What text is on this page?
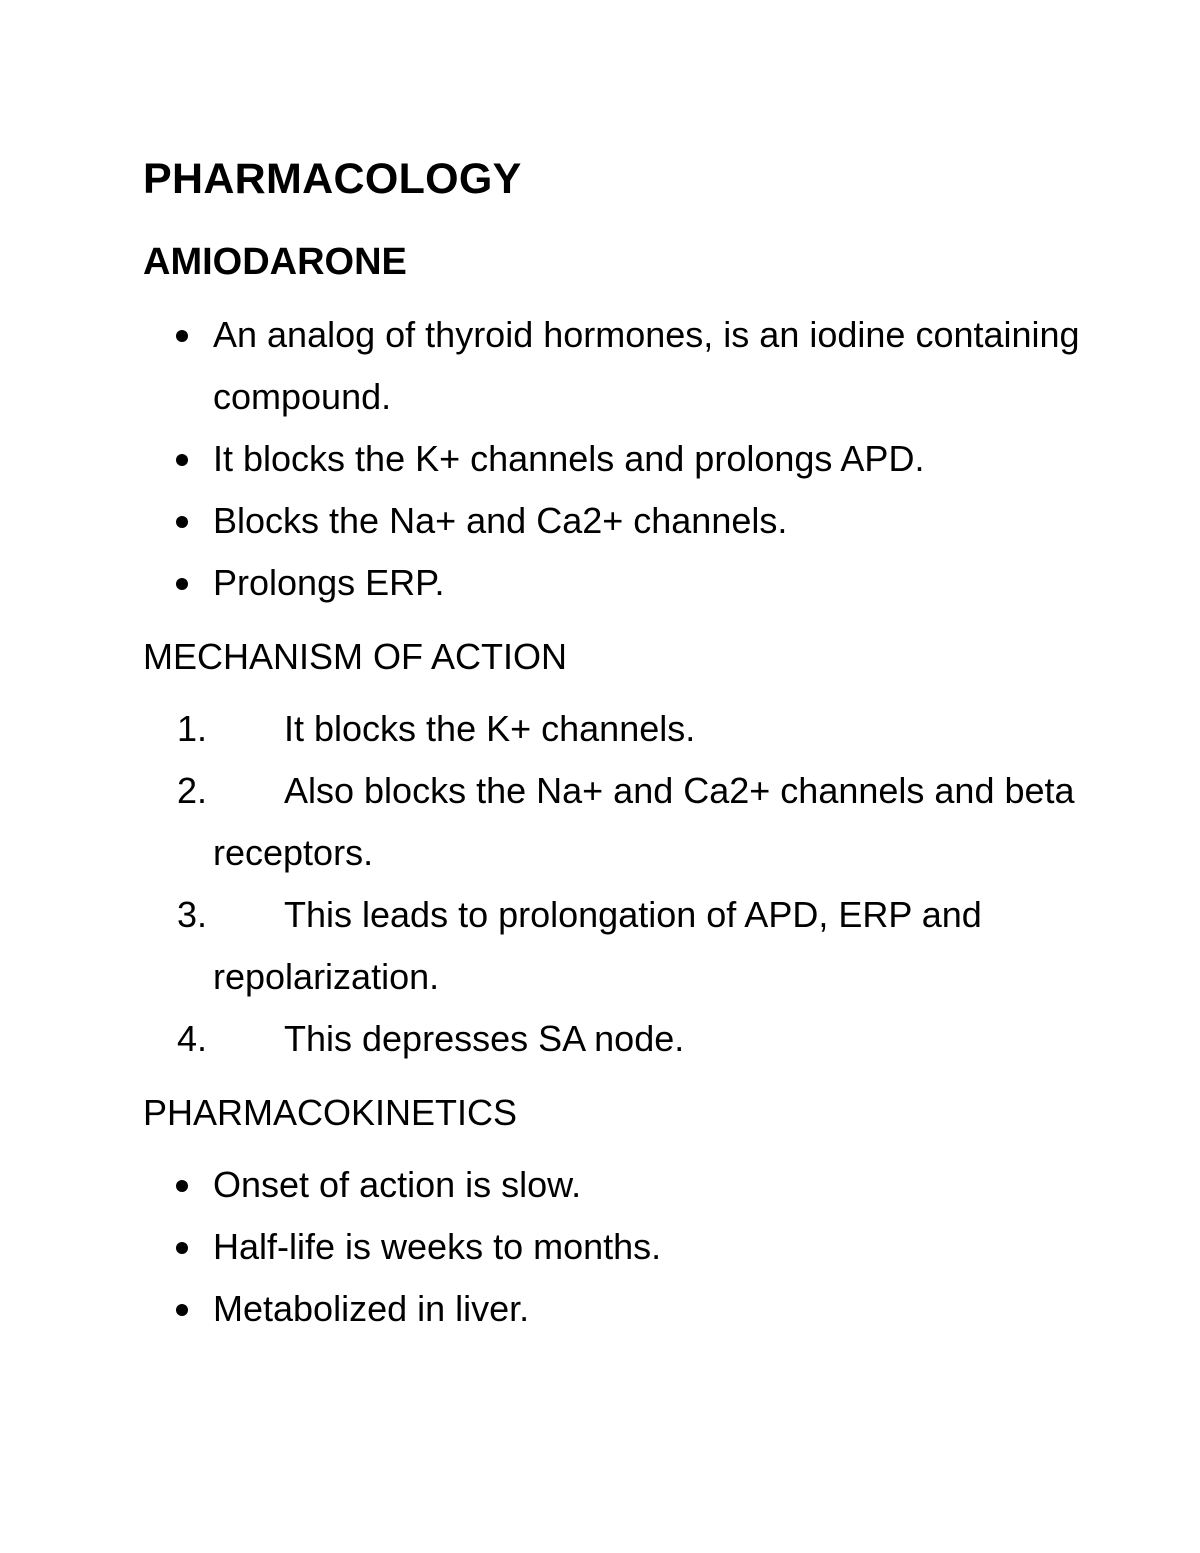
PHARMACOLOGY
AMIODARONE
An analog of thyroid hormones, is an iodine containing compound.
It blocks the K+ channels and prolongs APD.
Blocks the Na+ and Ca2+ channels.
Prolongs ERP.
MECHANISM OF ACTION
1. It blocks the K+ channels.
2. Also blocks the Na+ and Ca2+ channels and beta receptors.
3. This leads to prolongation of APD, ERP and repolarization.
4. This depresses SA node.
PHARMACOKINETICS
Onset of action is slow.
Half-life is weeks to months.
Metabolized in liver.
